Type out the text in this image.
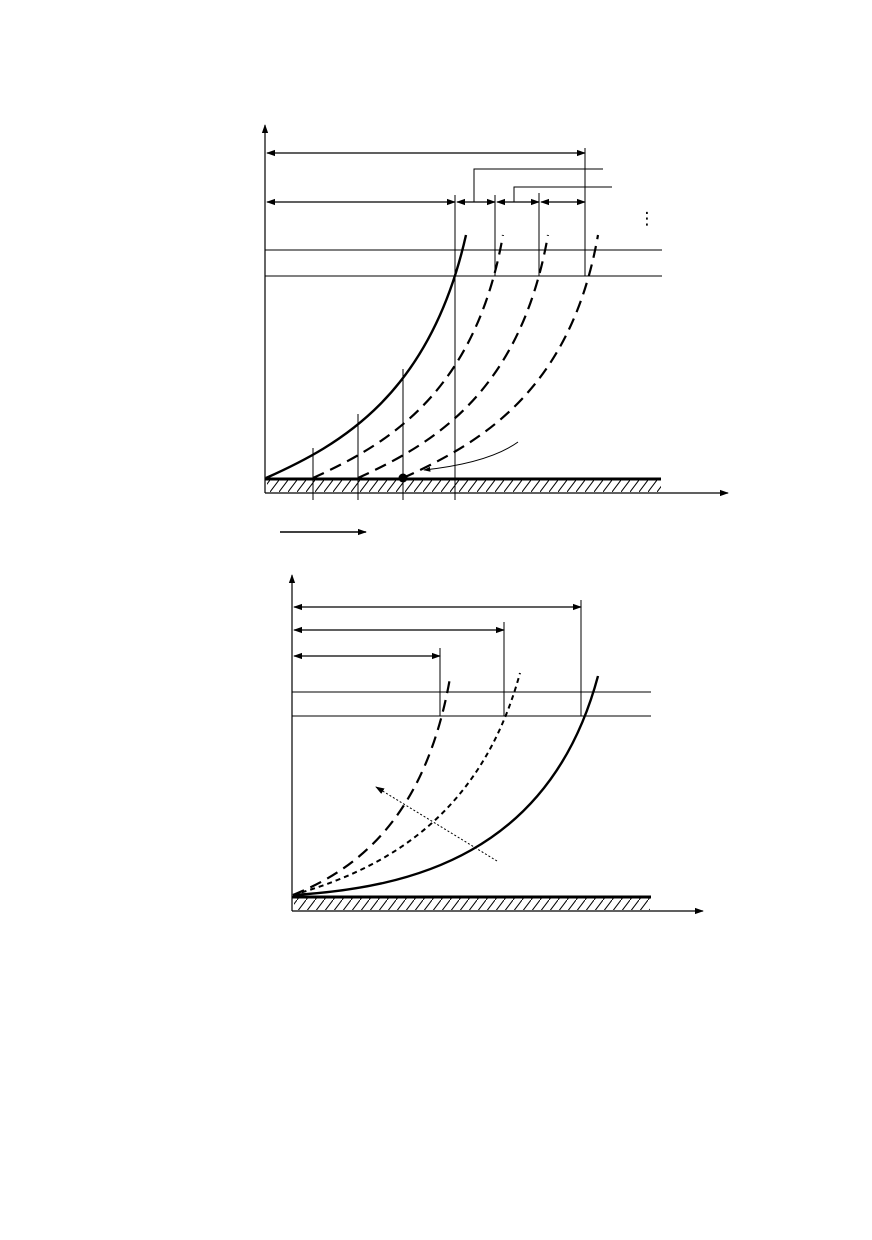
⋮
